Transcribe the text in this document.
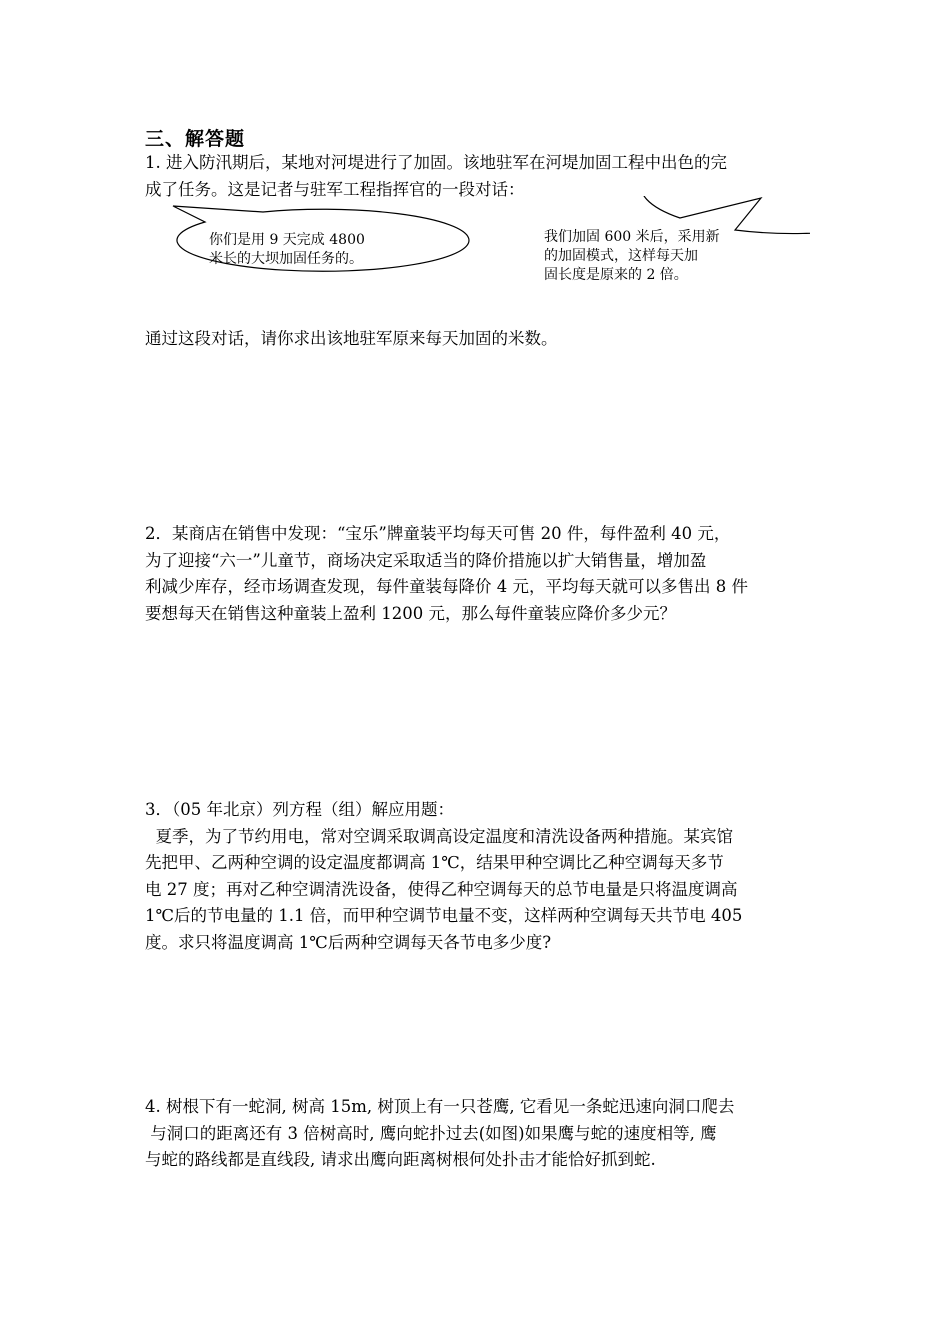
三、解答题
1. 进入防汛期后，某地对河堤进行了加固。该地驻军在河堤加固工程中出色的完
成了任务。这是记者与驻军工程指挥官的一段对话：
你们是用 9 天完成 4800
米长的大坝加固任务的。
我们加固 600 米后，采用新
的加固模式，这样每天加
固长度是原来的 2 倍。
通过这段对话，请你求出该地驻军原来每天加固的米数。
2．某商店在销售中发现：“宝乐”牌童装平均每天可售 20 件，每件盈利 40 元，
为了迎接“六一”儿童节，商场决定采取适当的降价措施以扩大销售量，增加盈
利减少库存，经市场调查发现，每件童装每降价 4 元，平均每天就可以多售出 8 件
要想每天在销售这种童装上盈利 1200 元，那么每件童装应降价多少元？
3．（05 年北京）列方程（组）解应用题：
夏季，为了节约用电，常对空调采取调高设定温度和清洗设备两种措施。某宾馆
先把甲、乙两种空调的设定温度都调高 1℃，结果甲种空调比乙种空调每天多节
电 27 度；再对乙种空调清洗设备，使得乙种空调每天的总节电量是只将温度调高
1℃后的节电量的 1.1 倍，而甲种空调节电量不变，这样两种空调每天共节电 405
度。求只将温度调高 1℃后两种空调每天各节电多少度?
4. 树根下有一蛇洞, 树高 15m, 树顶上有一只苍鹰, 它看见一条蛇迅速向洞口爬去
与洞口的距离还有 3 倍树高时, 鹰向蛇扑过去(如图)如果鹰与蛇的速度相等, 鹰
与蛇的路线都是直线段, 请求出鹰向距离树根何处扑击才能恰好抓到蛇.
